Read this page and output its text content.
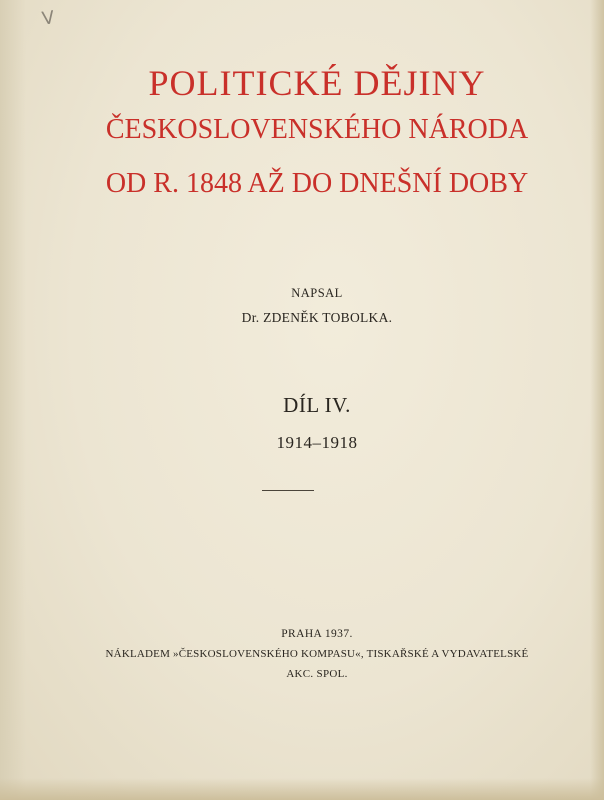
V
POLITICKÉ DĚJINY
ČESKOSLOVENSKÉHO NÁRODA
OD R. 1848 AŽ DO DNEŠNÍ DOBY
NAPSAL
Dr. ZDENĚK TOBOLKA.
DÍL IV.
1914–1918
PRAHA 1937.
NÁKLADEM »ČESKOSLOVENSKÉHO KOMPASU«, TISKAŘSKÉ A VYDAVATELSKÉ
AKC. SPOL.
